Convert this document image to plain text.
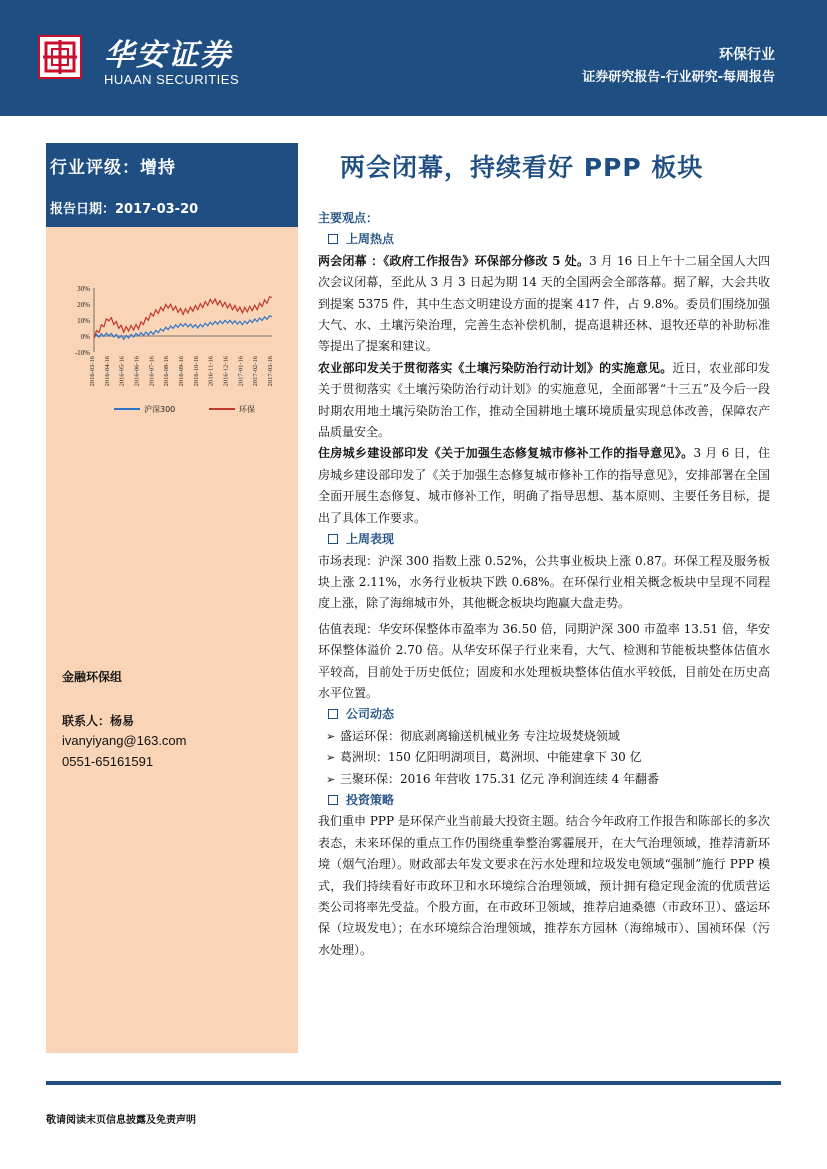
华安证券
HUAAN SECURITIES
环保行业
证券研究报告-行业研究-每周报告
行业评级：增持
报告日期：2017-03-20
30%
20%
10%
0%
-10%
2016-03-16 2016-04-16 2016-05-16 2016-06-16 2016-07-16 2016-08-16 2016-09-16 2016-10-16 2016-11-16 2016-12-16 2017-01-16 2017-02-16 2017-03-16
沪深300	环保
金融环保组
联系人：杨易
ivanyiyang@163.com
0551-65161591
两会闭幕，持续看好 PPP 板块

主要观点：

上周热点

两会闭幕 ：《政府工作报告》环保部分修改 5 处。3 月 16 日上午十二届全国人大四次会议闭幕，至此从 3 月 3 日起为期 14 天的全国两会全部落幕。据了解，大会共收到提案 5375 件，其中生态文明建设方面的提案 417 件，占 9.8%。委员们围绕加强大气、水、土壤污染治理，完善生态补偿机制，提高退耕还林、退牧还草的补助标准等提出了提案和建议。

农业部印发关于贯彻落实《土壤污染防治行动计划》的实施意见。近日，农业部印发关于贯彻落实《土壤污染防治行动计划》的实施意见，全面部署“十三五”及今后一段时期农用地土壤污染防治工作，推动全国耕地土壤环境质量实现总体改善，保障农产品质量安全。

住房城乡建设部印发《关于加强生态修复城市修补工作的指导意见》。3 月 6 日，住房城乡建设部印发了《关于加强生态修复城市修补工作的指导意见》，安排部署在全国全面开展生态修复、城市修补工作，明确了指导思想、基本原则、主要任务目标，提出了具体工作要求。

上周表现

市场表现：沪深 300 指数上涨 0.52%，公共事业板块上涨 0.87。环保工程及服务板块上涨 2.11%，水务行业板块下跌 0.68%。在环保行业相关概念板块中呈现不同程度上涨，除了海绵城市外，其他概念板块均跑赢大盘走势。

估值表现：华安环保整体市盈率为 36.50 倍，同期沪深 300 市盈率 13.51 倍，华安环保整体溢价 2.70 倍。从华安环保子行业来看，大气、检测和节能板块整体估值水平较高，目前处于历史低位；固废和水处理板块整体估值水平较低，目前处在历史高水平位置。

公司动态

➢ 盛运环保：彻底剥离输送机械业务 专注垃圾焚烧领域

➢ 葛洲坝：150 亿阳明湖项目，葛洲坝、中能建拿下 30 亿

➢ 三聚环保：2016 年营收 175.31 亿元 净利润连续 4 年翻番

投资策略

我们重申 PPP 是环保产业当前最大投资主题。结合今年政府工作报告和陈部长的多次表态，未来环保的重点工作仍围绕重拳整治雾霾展开，在大气治理领域，推荐清新环境（烟气治理）。财政部去年发文要求在污水处理和垃圾发电领域“强制”施行 PPP 模式，我们持续看好市政环卫和水环境综合治理领域，预计拥有稳定现金流的优质营运类公司将率先受益。个股方面，在市政环卫领域，推荐启迪桑德（市政环卫）、盛运环保（垃圾发电）；在水环境综合治理领域，推荐东方园林（海绵城市）、国祯环保（污水处理）。

敬请阅读末页信息披露及免责声明
